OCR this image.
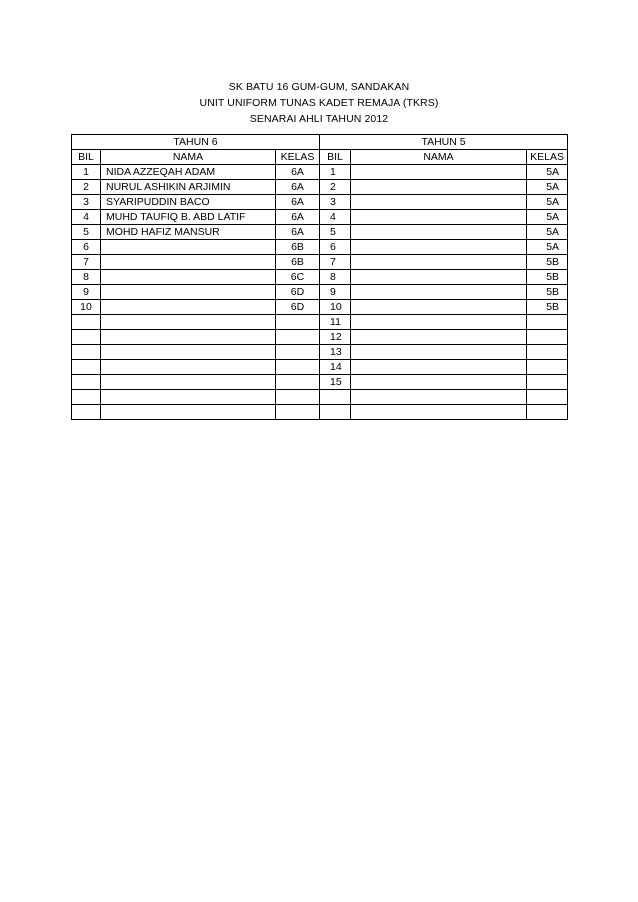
SK BATU 16 GUM-GUM, SANDAKAN
UNIT UNIFORM TUNAS KADET REMAJA (TKRS)
SENARAI AHLI TAHUN 2012
TAHUN 6			TAHUN 5		
BIL	NAMA	KELAS	BIL	NAMA	KELAS
1	NIDA AZZEQAH ADAM	6A	1		5A
2	NURUL ASHIKIN ARJIMIN	6A	2		5A
3	SYARIPUDDIN BACO	6A	3		5A
4	MUHD TAUFIQ B. ABD LATIF	6A	4		5A
5	MOHD HAFIZ MANSUR	6A	5		5A
6		6B	6		5A
7		6B	7		5B
8		6C	8		5B
9		6D	9		5B
10		6D	10		5B
			11		
			12		
			13		
			14		
			15		
